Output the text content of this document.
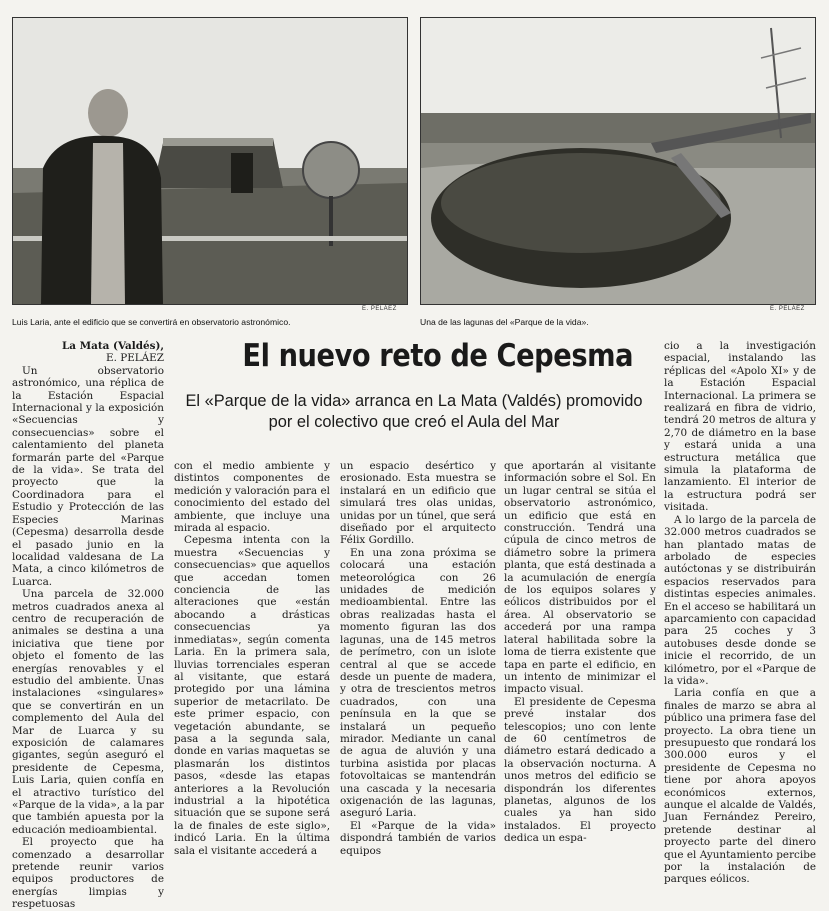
E. PELÁEZ
Luis Laria, ante el edificio que se convertirá en observatorio astronómico.
E. PELÁEZ
Una de las lagunas del «Parque de la vida».
El nuevo reto de Cepesma
El «Parque de la vida» arranca en La Mata (Valdés) promovido por el colectivo que creó el Aula del Mar

La Mata (Valdés),

E. PELÁEZ

Un observatorio astronómico, una réplica de la Estación Espacial Internacional y la exposición «Secuencias y consecuencias» sobre el calentamiento del planeta formarán parte del «Parque de la vida». Se trata del proyecto que la Coordinadora para el Estudio y Protección de las Especies Marinas (Cepesma) desarrolla desde el pasado junio en la localidad valdesana de La Mata, a cinco kilómetros de Luarca.

Una parcela de 32.000 metros cuadrados anexa al centro de recuperación de animales se destina a una iniciativa que tiene por objeto el fomento de las energías renovables y el estudio del ambiente. Unas instalaciones «singulares» que se convertirán en un complemento del Aula del Mar de Luarca y su exposición de calamares gigantes, según aseguró el presidente de Cepesma, Luis Laria, quien confía en el atractivo turístico del «Parque de la vida», a la par que también apuesta por la educación medioambiental.

El proyecto que ha comenzado a desarrollar pretende reunir varios equipos productores de energías limpias y respetuosas

con el medio ambiente y distintos componentes de medición y valoración para el conocimiento del estado del ambiente, que incluye una mirada al espacio.

Cepesma intenta con la muestra «Secuencias y consecuencias» que aquellos que accedan tomen conciencia de las alteraciones que «están abocando a drásticas consecuencias ya inmediatas», según comenta Laria. En la primera sala, lluvias torrenciales esperan al visitante, que estará protegido por una lámina superior de metacrilato. De este primer espacio, con vegetación abundante, se pasa a la segunda sala, donde en varias maquetas se plasmarán los distintos pasos, «desde las etapas anteriores a la Revolución industrial a la hipotética situación que se supone será la de finales de este siglo», indicó Laria. En la última sala el visitante accederá a

un espacio desértico y erosionado. Esta muestra se instalará en un edificio que simulará tres olas unidas, unidas por un túnel, que será diseñado por el arquitecto Félix Gordillo.

En una zona próxima se colocará una estación meteorológica con 26 unidades de medición medioambiental. Entre las obras realizadas hasta el momento figuran las dos lagunas, una de 145 metros de perímetro, con un islote central al que se accede desde un puente de madera, y otra de trescientos metros cuadrados, con una península en la que se instalará un pequeño mirador. Mediante un canal de agua de aluvión y una turbina asistida por placas fotovoltaicas se mantendrán una cascada y la necesaria oxigenación de las lagunas, aseguró Laria.

El «Parque de la vida» dispondrá también de varios equipos

que aportarán al visitante información sobre el Sol. En un lugar central se sitúa el observatorio astronómico, un edificio que está en construcción. Tendrá una cúpula de cinco metros de diámetro sobre la primera planta, que está destinada a la acumulación de energía de los equipos solares y eólicos distribuidos por el área. Al observatorio se accederá por una rampa lateral habilitada sobre la loma de tierra existente que tapa en parte el edificio, en un intento de minimizar el impacto visual.

El presidente de Cepesma prevé instalar dos telescopios; uno con lente de 60 centímetros de diámetro estará dedicado a la observación nocturna. A unos metros del edificio se dispondrán los diferentes planetas, algunos de los cuales ya han sido instalados. El proyecto dedica un espa-

cio a la investigación espacial, instalando las réplicas del «Apolo XI» y de la Estación Espacial Internacional. La primera se realizará en fibra de vidrio, tendrá 20 metros de altura y 2,70 de diámetro en la base y estará unida a una estructura metálica que simula la plataforma de lanzamiento. El interior de la estructura podrá ser visitada.

A lo largo de la parcela de 32.000 metros cuadrados se han plantado matas de arbolado de especies autóctonas y se distribuirán espacios reservados para distintas especies animales. En el acceso se habilitará un aparcamiento con capacidad para 25 coches y 3 autobuses desde donde se inicie el recorrido, de un kilómetro, por el «Parque de la vida».

Laria confía en que a finales de marzo se abra al público una primera fase del proyecto. La obra tiene un presupuesto que rondará los 300.000 euros y el presidente de Cepesma no tiene por ahora apoyos económicos externos, aunque el alcalde de Valdés, Juan Fernández Pereiro, pretende destinar al proyecto parte del dinero que el Ayuntamiento percibe por la instalación de parques eólicos.
